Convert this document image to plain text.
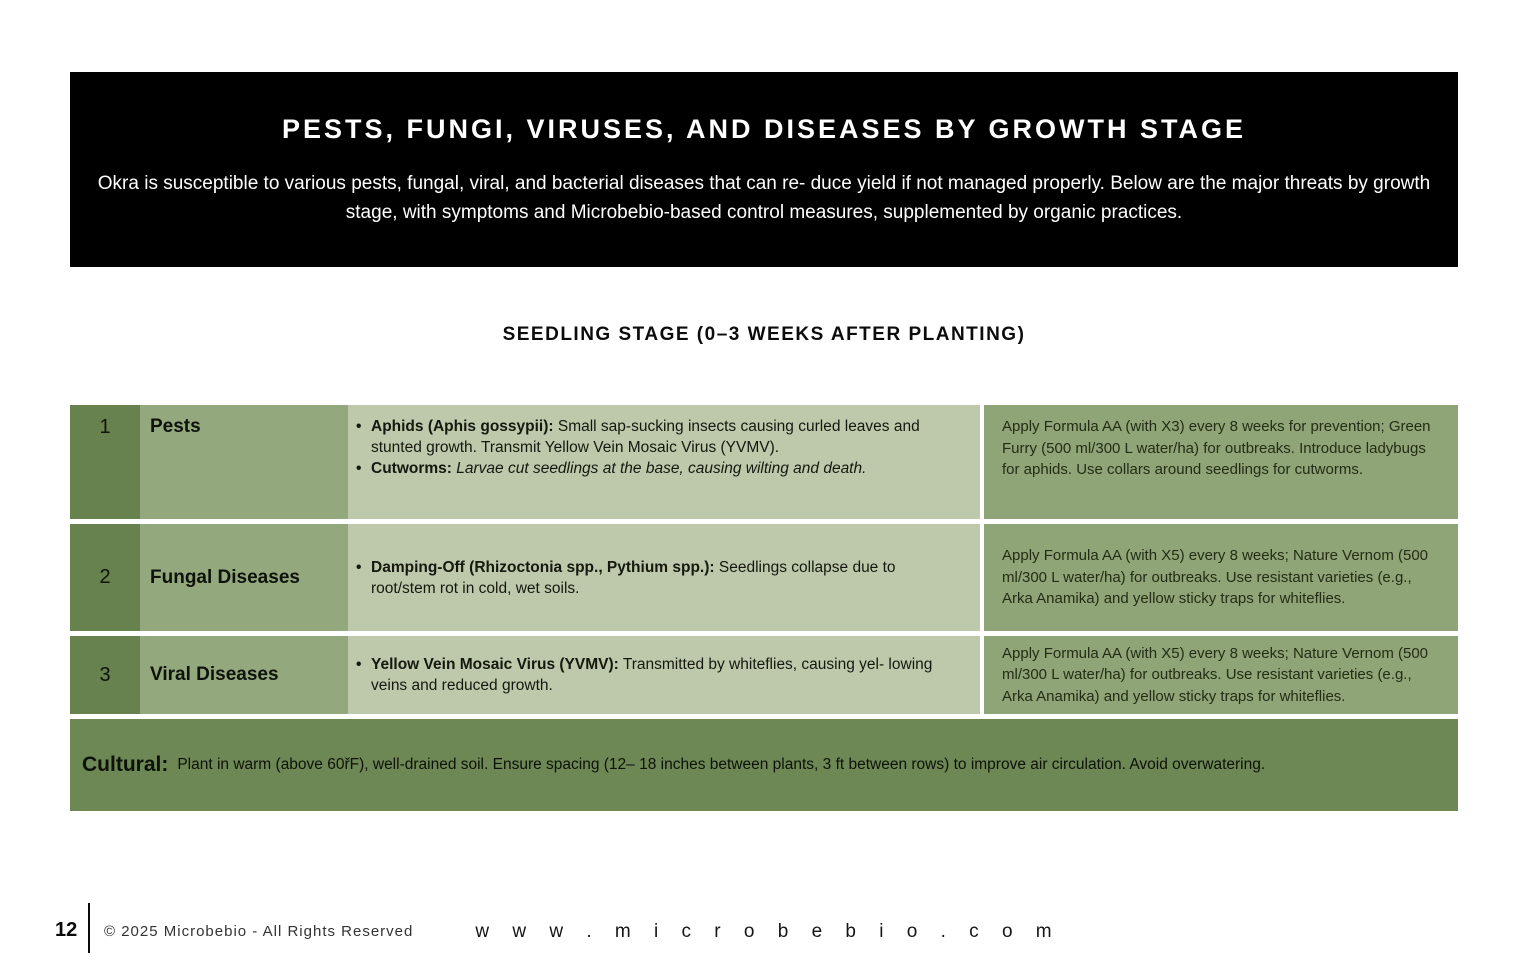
PESTS, FUNGI, VIRUSES, AND DISEASES BY GROWTH STAGE
Okra is susceptible to various pests, fungal, viral, and bacterial diseases that can re- duce yield if not managed properly. Below are the major threats by growth stage, with symptoms and Microbebio-based control measures, supplemented by organic practices.
SEEDLING STAGE (0–3 WEEKS AFTER PLANTING)
1	Pests	• Aphids (Aphis gossypii): Small sap-sucking insects causing curled leaves and stunted growth. Transmit Yellow Vein Mosaic Virus (YVMV).
• Cutworms: Larvae cut seedlings at the base, causing wilting and death.
Apply Formula AA (with X3) every 8 weeks for prevention; Green Furry (500 ml/300 L water/ha) for outbreaks. Introduce ladybugs for aphids. Use collars around seedlings for cutworms.
2	Fungal Diseases	• Damping-Off (Rhizoctonia spp., Pythium spp.): Seedlings collapse due to root/stem rot in cold, wet soils.
Apply Formula AA (with X5) every 8 weeks; Nature Vernom (500 ml/300 L water/ha) for outbreaks. Use resistant varieties (e.g., Arka Anamika) and yellow sticky traps for whiteflies.
3	Viral Diseases	• Yellow Vein Mosaic Virus (YVMV): Transmitted by whiteflies, causing yel- lowing veins and reduced growth.
Apply Formula AA (with X5) every 8 weeks; Nature Vernom (500 ml/300 L water/ha) for outbreaks. Use resistant varieties (e.g., Arka Anamika) and yellow sticky traps for whiteflies.
Cultural: Plant in warm (above 60řF), well-drained soil. Ensure spacing (12– 18 inches between plants, 3 ft between rows) to improve air circulation. Avoid overwatering.
12 © 2025 Microbebio - All Rights Reserved	w w w . m i c r o b e b i o . c o m
